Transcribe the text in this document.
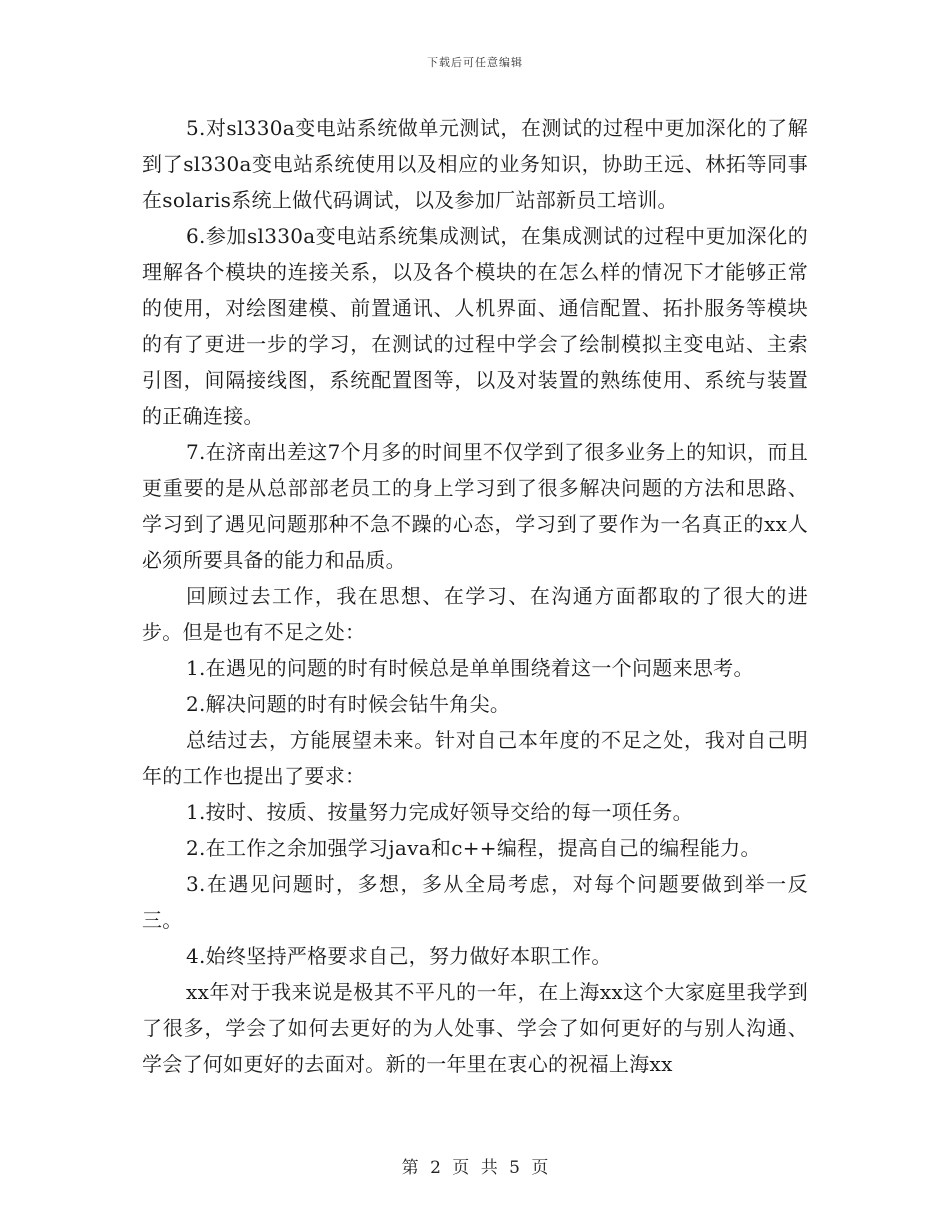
下载后可任意编辑

5.对sl330a变电站系统做单元测试，在测试的过程中更加深化的了解到了sl330a变电站系统使用以及相应的业务知识，协助王远、林拓等同事在solaris系统上做代码调试，以及参加厂站部新员工培训。

6.参加sl330a变电站系统集成测试，在集成测试的过程中更加深化的理解各个模块的连接关系，以及各个模块的在怎么样的情况下才能够正常的使用，对绘图建模、前置通讯、人机界面、通信配置、拓扑服务等模块的有了更进一步的学习，在测试的过程中学会了绘制模拟主变电站、主索引图，间隔接线图，系统配置图等，以及对装置的熟练使用、系统与装置的正确连接。

7.在济南出差这7个月多的时间里不仅学到了很多业务上的知识，而且更重要的是从总部部老员工的身上学习到了很多解决问题的方法和思路、学习到了遇见问题那种不急不躁的心态，学习到了要作为一名真正的xx人必须所要具备的能力和品质。

回顾过去工作，我在思想、在学习、在沟通方面都取的了很大的进步。但是也有不足之处：

1.在遇见的问题的时有时候总是单单围绕着这一个问题来思考。

2.解决问题的时有时候会钻牛角尖。

总结过去，方能展望未来。针对自己本年度的不足之处，我对自己明年的工作也提出了要求：

1.按时、按质、按量努力完成好领导交给的每一项任务。

2.在工作之余加强学习java和c++编程，提高自己的编程能力。

3.在遇见问题时，多想，多从全局考虑，对每个问题要做到举一反三。

4.始终坚持严格要求自己，努力做好本职工作。

xx年对于我来说是极其不平凡的一年，在上海xx这个大家庭里我学到了很多，学会了如何去更好的为人处事、学会了如何更好的与别人沟通、学会了何如更好的去面对。新的一年里在衷心的祝福上海xx

第 2 页 共 5 页
